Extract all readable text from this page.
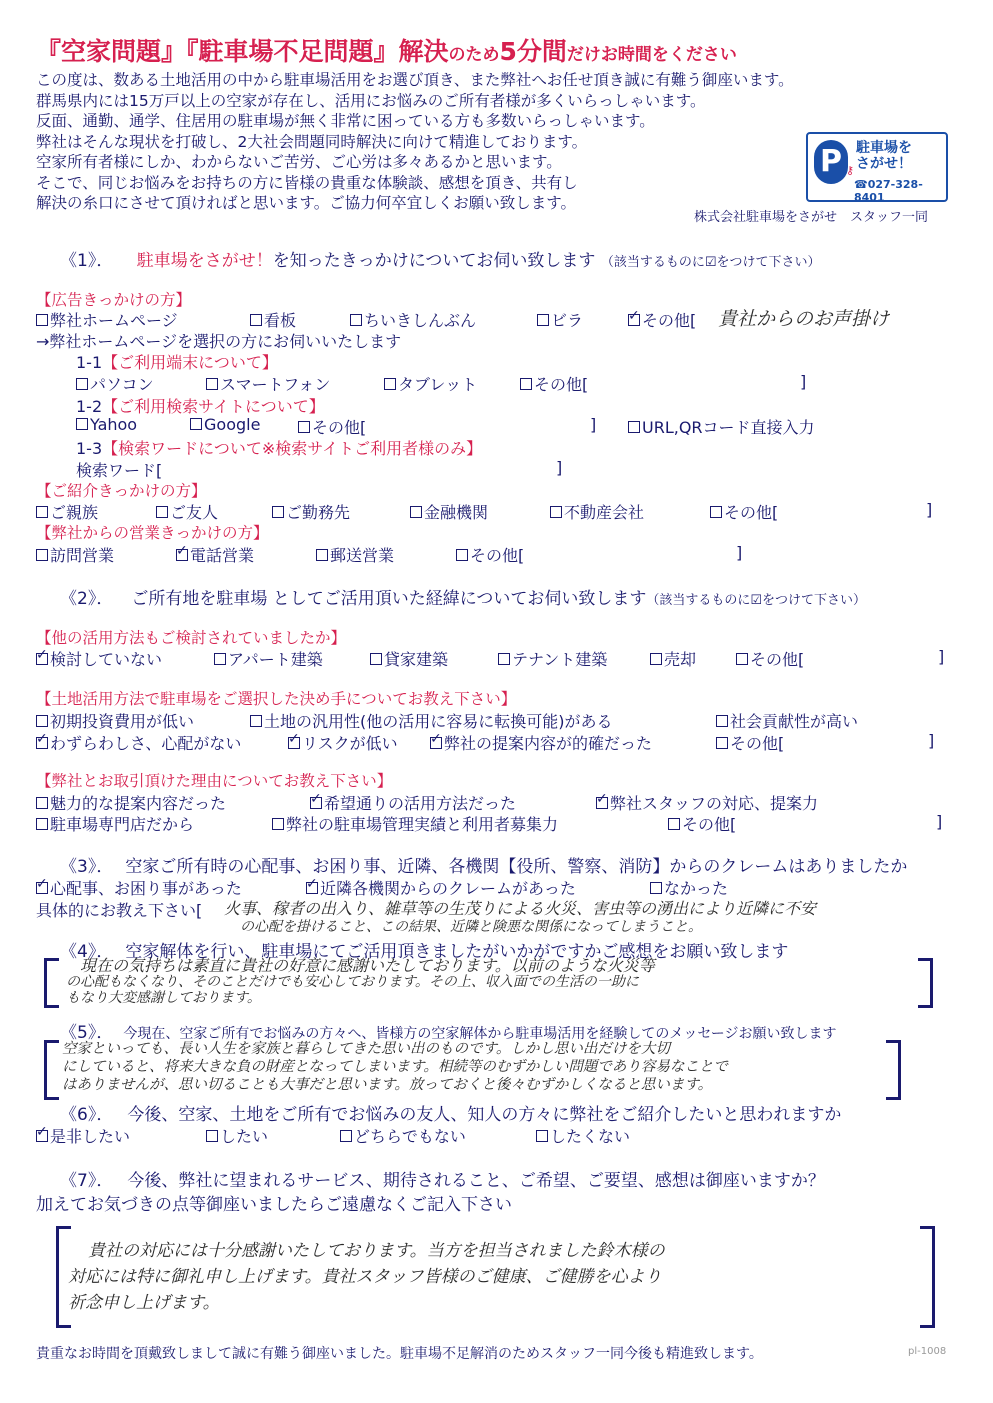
『空家問題』『駐車場不足問題』解決のため5分間だけお時間をください
この度は、数ある土地活用の中から駐車場活用をお選び頂き、また弊社へお任せ頂き誠に有難う御座います。
群馬県内には15万戸以上の空家が存在し、活用にお悩みのご所有者様が多くいらっしゃいます。
反面、通勤、通学、住居用の駐車場が無く非常に困っている方も多数いらっしゃいます。
弊社はそんな現状を打破し、2大社会問題同時解決に向けて精進しております。
空家所有者様にしか、わからないご苦労、ご心労は多々あるかと思います。
そこで、同じお悩みをお持ちの方に皆様の貴重な体験談、感想を頂き、共有し
解決の糸口にさせて頂ければと思います。ご協力何卒宜しくお願い致します。
株式会社駐車場をさがせ　スタッフ一同
P	駐車場を
さがせ！
⚷
☎027-328-8401
《1》． 駐車場をさがせ！を知ったきっかけについてお伺い致します （該当するものに☑をつけて下さい）
【広告きっかけの方】
弊社ホームページ	看板	ちいきしんぶん	ビラ ✓	その他[ 貴社からのお声掛け
→弊社ホームページを選択の方にお伺いいたします
1-1【ご利用端末について】
パソコン	スマートフォン	タブレット	その他[	]
1-2【ご利用検索サイトについて】
Yahoo	Google	その他[	]	URL,QRコード直接入力
1-3【検索ワードについて※検索サイトご利用者様のみ】
検索ワード[	]
【ご紹介きっかけの方】
ご親族	ご友人	ご勤務先	金融機関	不動産会社	その他[	]
【弊社からの営業きっかけの方】
訪問営業 ✓	電話営業	郵送営業	その他[	]
《2》． ご所有地を駐車場 としてご活用頂いた経緯についてお伺い致します（該当するものに☑をつけて下さい）
【他の活用方法もご検討されていましたか】
✓検討していない	アパート建築	貸家建築	テナント建築	売却	その他[	]
【土地活用方法で駐車場をご選択した決め手についてお教え下さい】
初期投資費用が低い	土地の汎用性(他の活用に容易に転換可能)がある	社会貢献性が高い
✓わずらわしさ、心配がない ✓	リスクが低い ✓	弊社の提案内容が的確だった	その他[	]
【弊社とお取引頂けた理由についてお教え下さい】
魅力的な提案内容だった ✓	希望通りの活用方法だった ✓	弊社スタッフの対応、提案力
駐車場専門店だから	弊社の駐車場管理実績と利用者募集力	その他[	]
《3》． 空家ご所有時の心配事、お困り事、近隣、各機関【役所、警察、消防】からのクレームはありましたか
✓心配事、お困り事があった ✓	近隣各機関からのクレームがあった	なかった
具体的にお教え下さい[ 火事、稼者の出入り、雑草等の生茂りによる火災、害虫等の湧出により近隣に不安
の心配を掛けること、この結果、近隣と険悪な関係になってしまうこと。
《4》． 空家解体を行い、駐車場にてご活用頂きましたがいかがですかご感想をお願い致します
現在の気持ちは素直に貴社の好意に感謝いたしております。以前のような火災等
の心配もなくなり、そのことだけでも安心しております。その上、収入面での生活の一助に
もなり大変感謝しております。
《5》． 今現在、空家ご所有でお悩みの方々へ、皆様方の空家解体から駐車場活用を経験してのメッセージお願い致します
空家といっても、長い人生を家族と暮らしてきた思い出のものです。しかし思い出だけを大切
にしていると、将来大きな負の財産となってしまいます。相続等のむずかしい問題であり容易なことで
はありませんが、思い切ることも大事だと思います。放っておくと後々むずかしくなると思います。
《6》． 今後、空家、土地をご所有でお悩みの友人、知人の方々に弊社をご紹介したいと思われますか
✓是非したい	したい	どちらでもない	したくない
《7》． 今後、弊社に望まれるサービス、期待されること、ご希望、ご要望、感想は御座いますか？
加えてお気づきの点等御座いましたらご遠慮なくご記入下さい
貴社の対応には十分感謝いたしております。当方を担当されました鈴木様の
対応には特に御礼申し上げます。貴社スタッフ皆様のご健康、ご健勝を心より
祈念申し上げます。
貴重なお時間を頂戴致しまして誠に有難う御座いました。駐車場不足解消のためスタッフ一同今後も精進致します。	pl-1008
